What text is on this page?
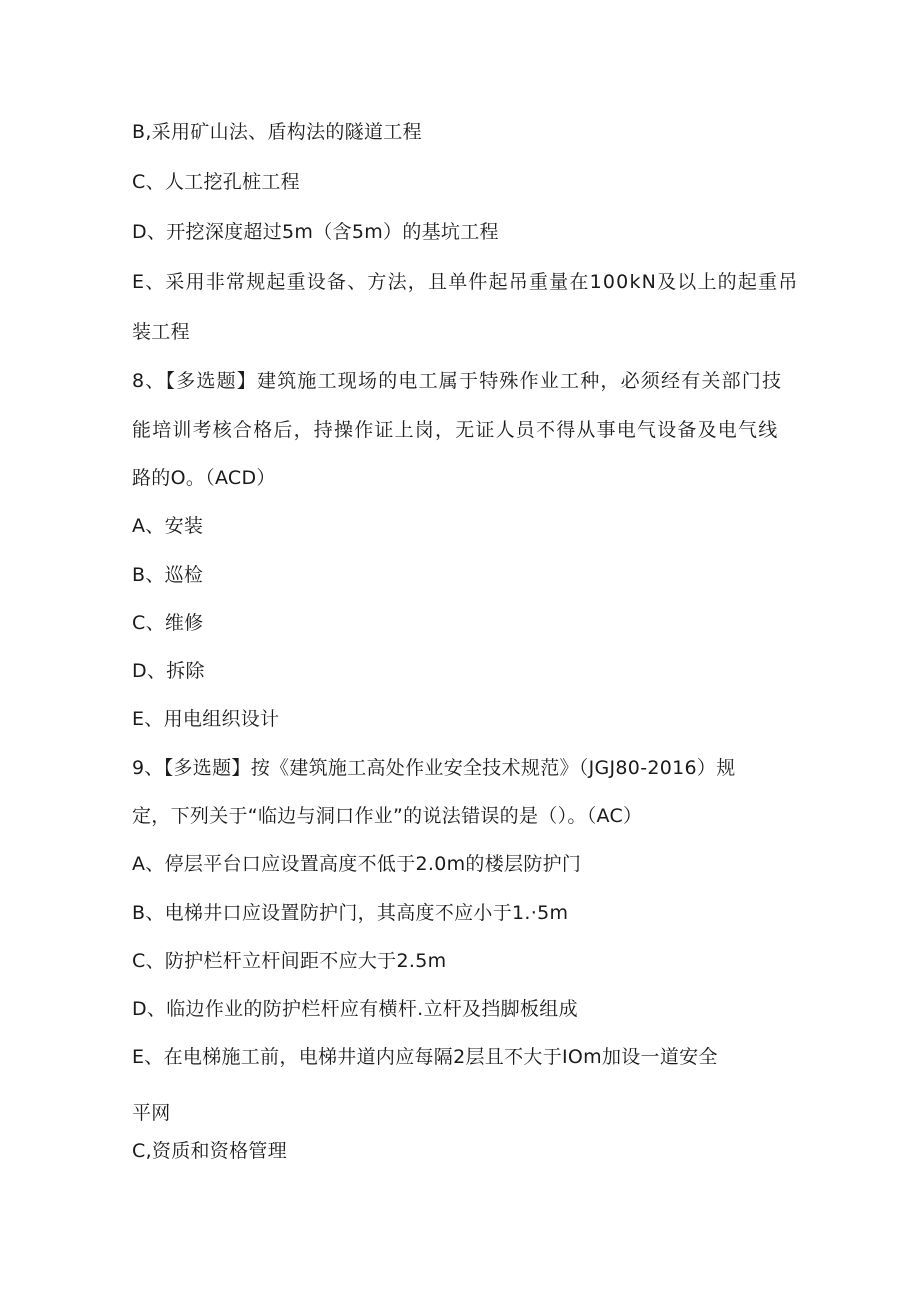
B,采用矿山法、盾构法的隧道工程
C、人工挖孔桩工程
D、开挖深度超过5m（含5m）的基坑工程
E、采用非常规起重设备、方法，且单件起吊重量在100kN及以上的起重吊
装工程
8、【多选题】建筑施工现场的电工属于特殊作业工种，必须经有关部门技
能培训考核合格后，持操作证上岗，无证人员不得从事电气设备及电气线
路的O。（ACD）
A、安装
B、巡检
C、维修
D、拆除
E、用电组织设计
9、【多选题】按《建筑施工高处作业安全技术规范》（JGJ80-2016）规
定，下列关于“临边与洞口作业”的说法错误的是（）。（AC）
A、停层平台口应设置高度不低于2.0m的楼层防护门
B、电梯井口应设置防护门，其高度不应小于1.·5m
C、防护栏杆立杆间距不应大于2.5m
D、临边作业的防护栏杆应有横杆.立杆及挡脚板组成
E、在电梯施工前，电梯井道内应每隔2层且不大于IOm加设一道安全
平网
C,资质和资格管理
